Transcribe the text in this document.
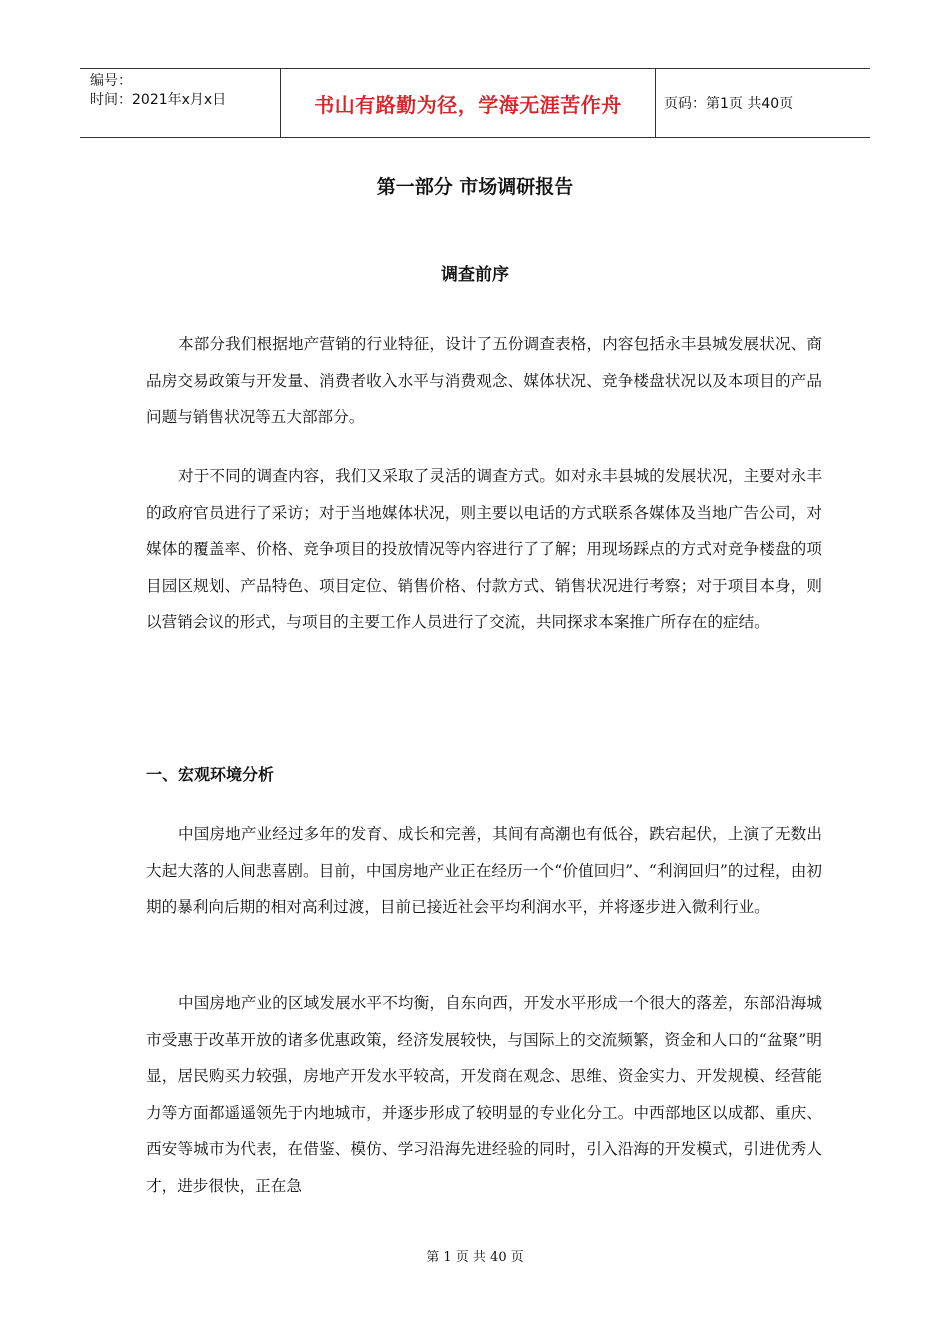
编号：
时间：2021年x月x日	书山有路勤为径，学海无涯苦作舟	页码：第1页 共40页
第一部分 市场调研报告
调查前序

本部分我们根据地产营销的行业特征，设计了五份调查表格，内容包括永丰县城发展状况、商品房交易政策与开发量、消费者收入水平与消费观念、媒体状况、竞争楼盘状况以及本项目的产品问题与销售状况等五大部部分。

对于不同的调查内容，我们又采取了灵活的调查方式。如对永丰县城的发展状况，主要对永丰的政府官员进行了采访；对于当地媒体状况，则主要以电话的方式联系各媒体及当地广告公司，对媒体的覆盖率、价格、竞争项目的投放情况等内容进行了了解；用现场踩点的方式对竞争楼盘的项目园区规划、产品特色、项目定位、销售价格、付款方式、销售状况进行考察；对于项目本身，则以营销会议的形式，与项目的主要工作人员进行了交流，共同探求本案推广所存在的症结。

一、宏观环境分析

中国房地产业经过多年的发育、成长和完善，其间有高潮也有低谷，跌宕起伏，上演了无数出大起大落的人间悲喜剧。目前，中国房地产业正在经历一个“价值回归”、“利润回归”的过程，由初期的暴利向后期的相对高利过渡，目前已接近社会平均利润水平，并将逐步进入微利行业。

中国房地产业的区域发展水平不均衡，自东向西，开发水平形成一个很大的落差，东部沿海城市受惠于改革开放的诸多优惠政策，经济发展较快，与国际上的交流频繁，资金和人口的“盆聚”明显，居民购买力较强，房地产开发水平较高，开发商在观念、思维、资金实力、开发规模、经营能力等方面都遥遥领先于内地城市，并逐步形成了较明显的专业化分工。中西部地区以成都、重庆、西安等城市为代表，在借鉴、模仿、学习沿海先进经验的同时，引入沿海的开发模式，引进优秀人才，进步很快，正在急

第 1 页 共 40 页
